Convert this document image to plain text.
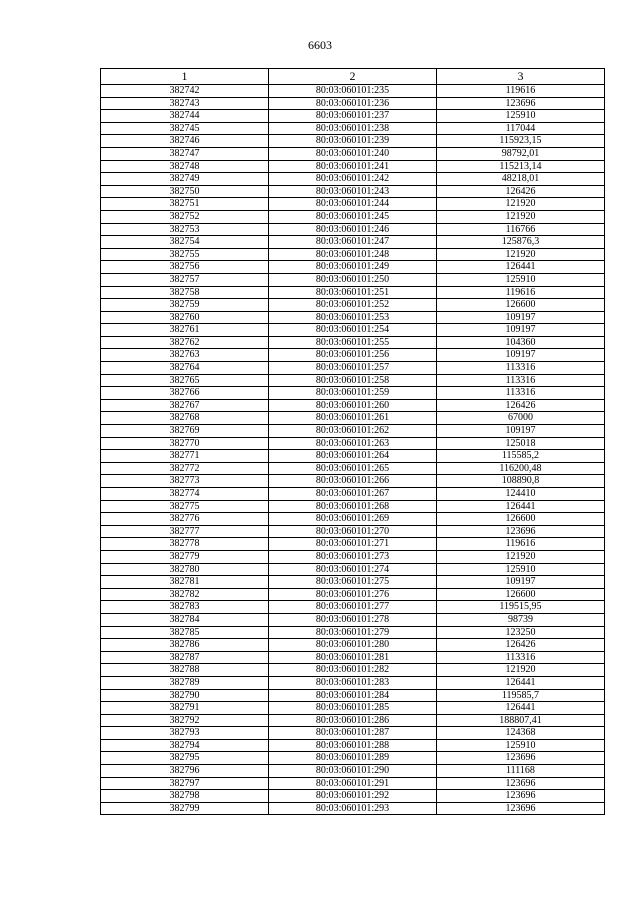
6603
1	2	3
382742	80:03:060101:235	119616
382743	80:03:060101:236	123696
382744	80:03:060101:237	125910
382745	80:03:060101:238	117044
382746	80:03:060101:239	115923,15
382747	80:03:060101:240	98792,01
382748	80:03:060101:241	115213,14
382749	80:03:060101:242	48218,01
382750	80:03:060101:243	126426
382751	80:03:060101:244	121920
382752	80:03:060101:245	121920
382753	80:03:060101:246	116766
382754	80:03:060101:247	125876,3
382755	80:03:060101:248	121920
382756	80:03:060101:249	126441
382757	80:03:060101:250	125910
382758	80:03:060101:251	119616
382759	80:03:060101:252	126600
382760	80:03:060101:253	109197
382761	80:03:060101:254	109197
382762	80:03:060101:255	104360
382763	80:03:060101:256	109197
382764	80:03:060101:257	113316
382765	80:03:060101:258	113316
382766	80:03:060101:259	113316
382767	80:03:060101:260	126426
382768	80:03:060101:261	67000
382769	80:03:060101:262	109197
382770	80:03:060101:263	125018
382771	80:03:060101:264	115585,2
382772	80:03:060101:265	116200,48
382773	80:03:060101:266	108890,8
382774	80:03:060101:267	124410
382775	80:03:060101:268	126441
382776	80:03:060101:269	126600
382777	80:03:060101:270	123696
382778	80:03:060101:271	119616
382779	80:03:060101:273	121920
382780	80:03:060101:274	125910
382781	80:03:060101:275	109197
382782	80:03:060101:276	126600
382783	80:03:060101:277	119515,95
382784	80:03:060101:278	98739
382785	80:03:060101:279	123250
382786	80:03:060101:280	126426
382787	80:03:060101:281	113316
382788	80:03:060101:282	121920
382789	80:03:060101:283	126441
382790	80:03:060101:284	119585,7
382791	80:03:060101:285	126441
382792	80:03:060101:286	188807,41
382793	80:03:060101:287	124368
382794	80:03:060101:288	125910
382795	80:03:060101:289	123696
382796	80:03:060101:290	111168
382797	80:03:060101:291	123696
382798	80:03:060101:292	123696
382799	80:03:060101:293	123696
